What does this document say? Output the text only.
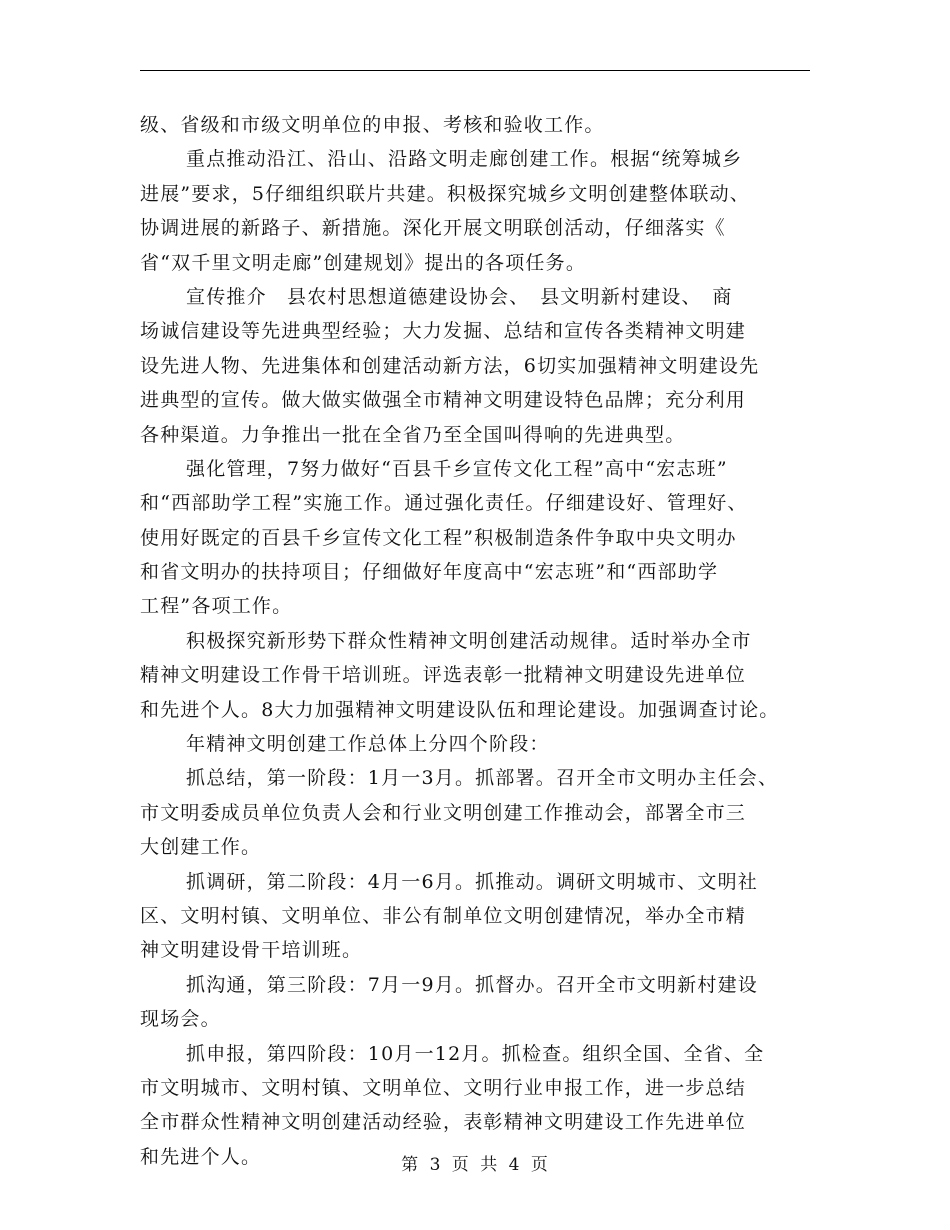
级、省级和市级文明单位的申报、考核和验收工作。
重点推动沿江、沿山、沿路文明走廊创建工作。根据“统筹城乡
进展”要求，5仔细组织联片共建。积极探究城乡文明创建整体联动、
协调进展的新路子、新措施。深化开展文明联创活动，仔细落实《
省“双千里文明走廊”创建规划》提出的各项任务。
宣传推介　县农村思想道德建设协会、　县文明新村建设、　商
场诚信建设等先进典型经验；大力发掘、总结和宣传各类精神文明建
设先进人物、先进集体和创建活动新方法，6切实加强精神文明建设先
进典型的宣传。做大做实做强全市精神文明建设特色品牌；充分利用
各种渠道。力争推出一批在全省乃至全国叫得响的先进典型。
强化管理，7努力做好“百县千乡宣传文化工程”高中“宏志班”
和“西部助学工程”实施工作。通过强化责任。仔细建设好、管理好、
使用好既定的百县千乡宣传文化工程”积极制造条件争取中央文明办
和省文明办的扶持项目；仔细做好年度高中“宏志班”和“西部助学
工程”各项工作。
积极探究新形势下群众性精神文明创建活动规律。适时举办全市
精神文明建设工作骨干培训班。评选表彰一批精神文明建设先进单位
和先进个人。8大力加强精神文明建设队伍和理论建设。加强调查讨论。
年精神文明创建工作总体上分四个阶段：
抓总结，第一阶段：1月一3月。抓部署。召开全市文明办主任会、
市文明委成员单位负责人会和行业文明创建工作推动会，部署全市三
大创建工作。
抓调研，第二阶段：4月一6月。抓推动。调研文明城市、文明社
区、文明村镇、文明单位、非公有制单位文明创建情况，举办全市精
神文明建设骨干培训班。
抓沟通，第三阶段：7月一9月。抓督办。召开全市文明新村建设
现场会。
抓申报，第四阶段：10月一12月。抓检查。组织全国、全省、全
市文明城市、文明村镇、文明单位、文明行业申报工作，进一步总结
全市群众性精神文明创建活动经验，表彰精神文明建设工作先进单位
和先进个人。	第 3 页 共 4 页
